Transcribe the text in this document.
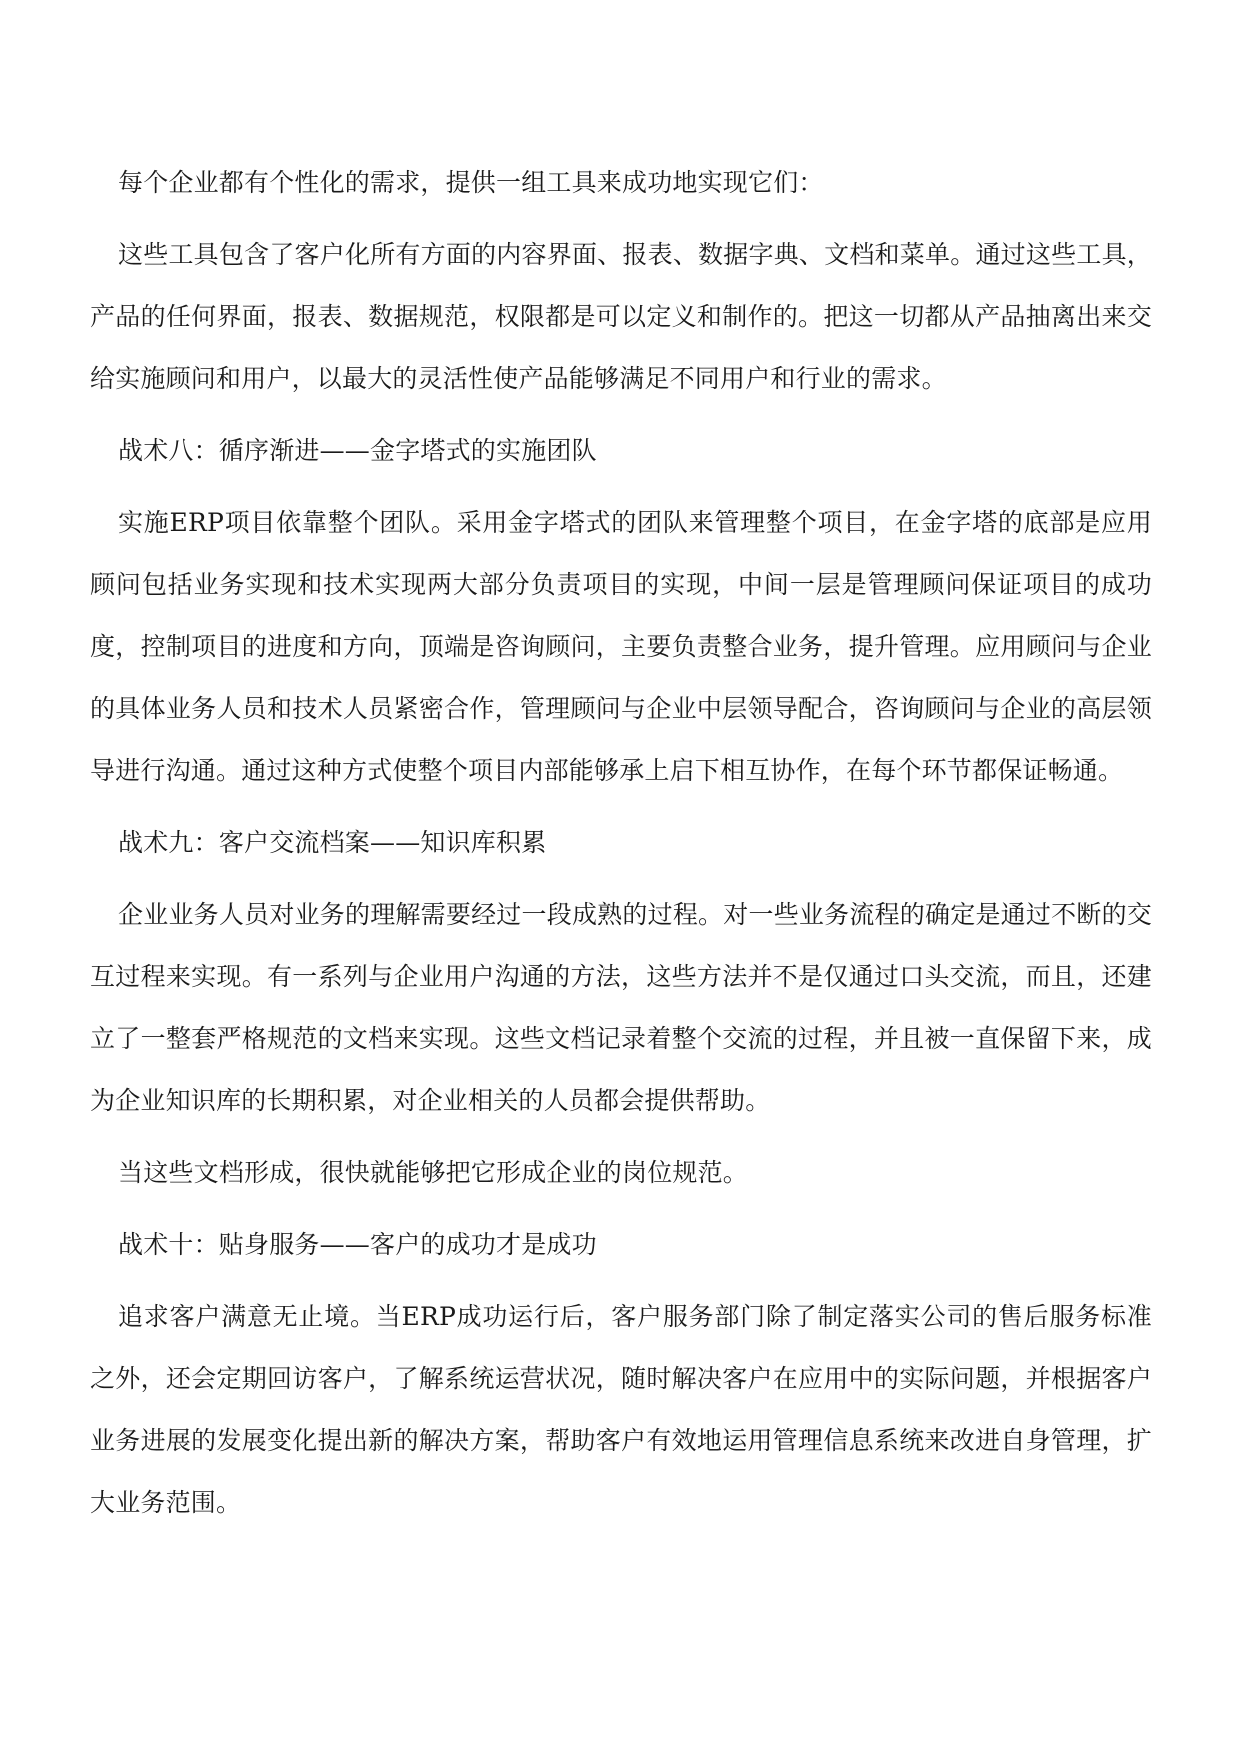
每个企业都有个性化的需求，提供一组工具来成功地实现它们：

这些工具包含了客户化所有方面的内容界面、报表、数据字典、文档和菜单。通过这些工具，产品的任何界面，报表、数据规范，权限都是可以定义和制作的。把这一切都从产品抽离出来交给实施顾问和用户，以最大的灵活性使产品能够满足不同用户和行业的需求。

战术八：循序渐进——金字塔式的实施团队

实施ERP项目依靠整个团队。采用金字塔式的团队来管理整个项目，在金字塔的底部是应用顾问包括业务实现和技术实现两大部分负责项目的实现，中间一层是管理顾问保证项目的成功度，控制项目的进度和方向，顶端是咨询顾问，主要负责整合业务，提升管理。应用顾问与企业的具体业务人员和技术人员紧密合作，管理顾问与企业中层领导配合，咨询顾问与企业的高层领导进行沟通。通过这种方式使整个项目内部能够承上启下相互协作，在每个环节都保证畅通。

战术九：客户交流档案——知识库积累

企业业务人员对业务的理解需要经过一段成熟的过程。对一些业务流程的确定是通过不断的交互过程来实现。有一系列与企业用户沟通的方法，这些方法并不是仅通过口头交流，而且，还建立了一整套严格规范的文档来实现。这些文档记录着整个交流的过程，并且被一直保留下来，成为企业知识库的长期积累，对企业相关的人员都会提供帮助。

当这些文档形成，很快就能够把它形成企业的岗位规范。

战术十：贴身服务——客户的成功才是成功

追求客户满意无止境。当ERP成功运行后，客户服务部门除了制定落实公司的售后服务标准之外，还会定期回访客户，了解系统运营状况，随时解决客户在应用中的实际问题，并根据客户业务进展的发展变化提出新的解决方案，帮助客户有效地运用管理信息系统来改进自身管理，扩大业务范围。
